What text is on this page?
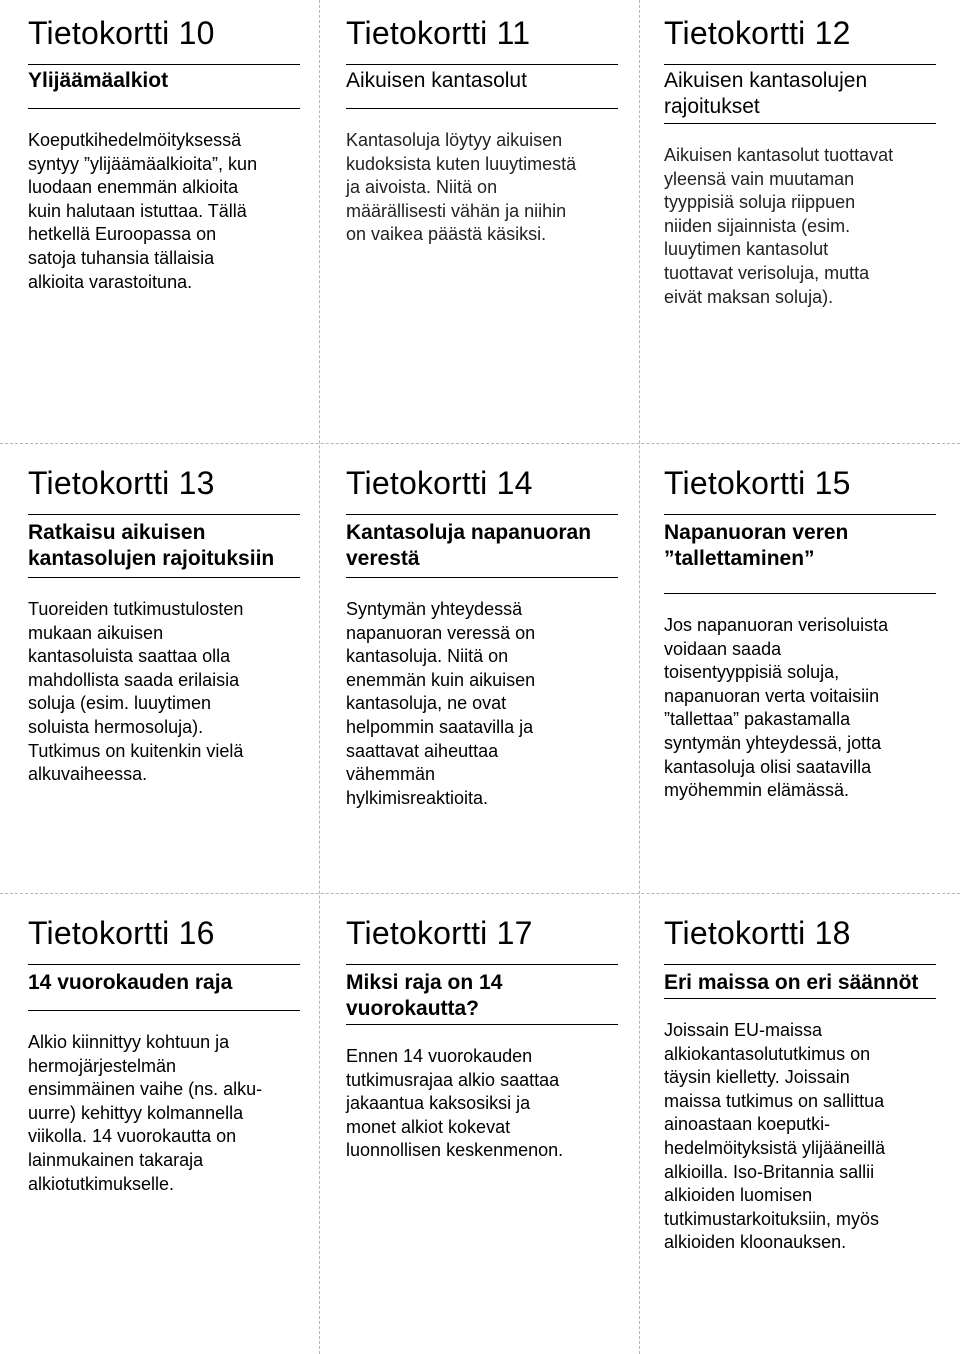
Tietokortti 10
Ylijäämäalkiot
Koeputkihedelmöityksessä
syntyy ”ylijäämäalkioita”, kun
luodaan enemmän alkioita
kuin halutaan istuttaa. Tällä
hetkellä Euroopassa on
satoja tuhansia tällaisia
alkioita varastoituna.
Tietokortti 11
Aikuisen kantasolut
Kantasoluja löytyy aikuisen
kudoksista kuten luuytimestä
ja aivoista. Niitä on
määrällisesti vähän ja niihin
on vaikea päästä käsiksi.
Tietokortti 12
Aikuisen kantasolujen rajoitukset
Aikuisen kantasolut tuottavat
yleensä vain muutaman
tyyppisiä soluja riippuen
niiden sijainnista (esim.
luuytimen kantasolut
tuottavat verisoluja, mutta
eivät maksan soluja).
Tietokortti 13
Ratkaisu aikuisen kantasolujen rajoituksiin
Tuoreiden tutkimustulosten
mukaan aikuisen
kantasoluista saattaa olla
mahdollista saada erilaisia
soluja (esim. luuytimen
soluista hermosoluja).
Tutkimus on kuitenkin vielä
alkuvaiheessa.
Tietokortti 14
Kantasoluja napanuoran verestä
Syntymän yhteydessä
napanuoran veressä on
kantasoluja. Niitä on
enemmän kuin aikuisen
kantasoluja, ne ovat
helpommin saatavilla ja
saattavat aiheuttaa
vähemmän
hylkimisreaktioita.
Tietokortti 15
Napanuoran veren ”tallettaminen”
Jos napanuoran verisoluista
voidaan saada
toisentyyppisiä soluja,
napanuoran verta voitaisiin
”tallettaa” pakastamalla
syntymän yhteydessä, jotta
kantasoluja olisi saatavilla
myöhemmin elämässä.
Tietokortti 16
14 vuorokauden raja
Alkio kiinnittyy kohtuun ja
hermojärjestelmän
ensimmäinen vaihe (ns. alku-
uurre) kehittyy kolmannella
viikolla. 14 vuorokautta on
lainmukainen takaraja
alkiotutkimukselle.
Tietokortti 17
Miksi raja on 14 vuorokautta?
Ennen 14 vuorokauden
tutkimusrajaa alkio saattaa
jakaantua kaksosiksi ja
monet alkiot kokevat
luonnollisen keskenmenon.
Tietokortti 18
Eri maissa on eri säännöt
Joissain EU-maissa
alkiokantasolututkimus on
täysin kielletty. Joissain
maissa tutkimus on sallittua
ainoastaan koeputki-
hedelmöityksistä ylijääneillä
alkioilla. Iso-Britannia sallii
alkioiden luomisen
tutkimustarkoituksiin, myös
alkioiden kloonauksen.
